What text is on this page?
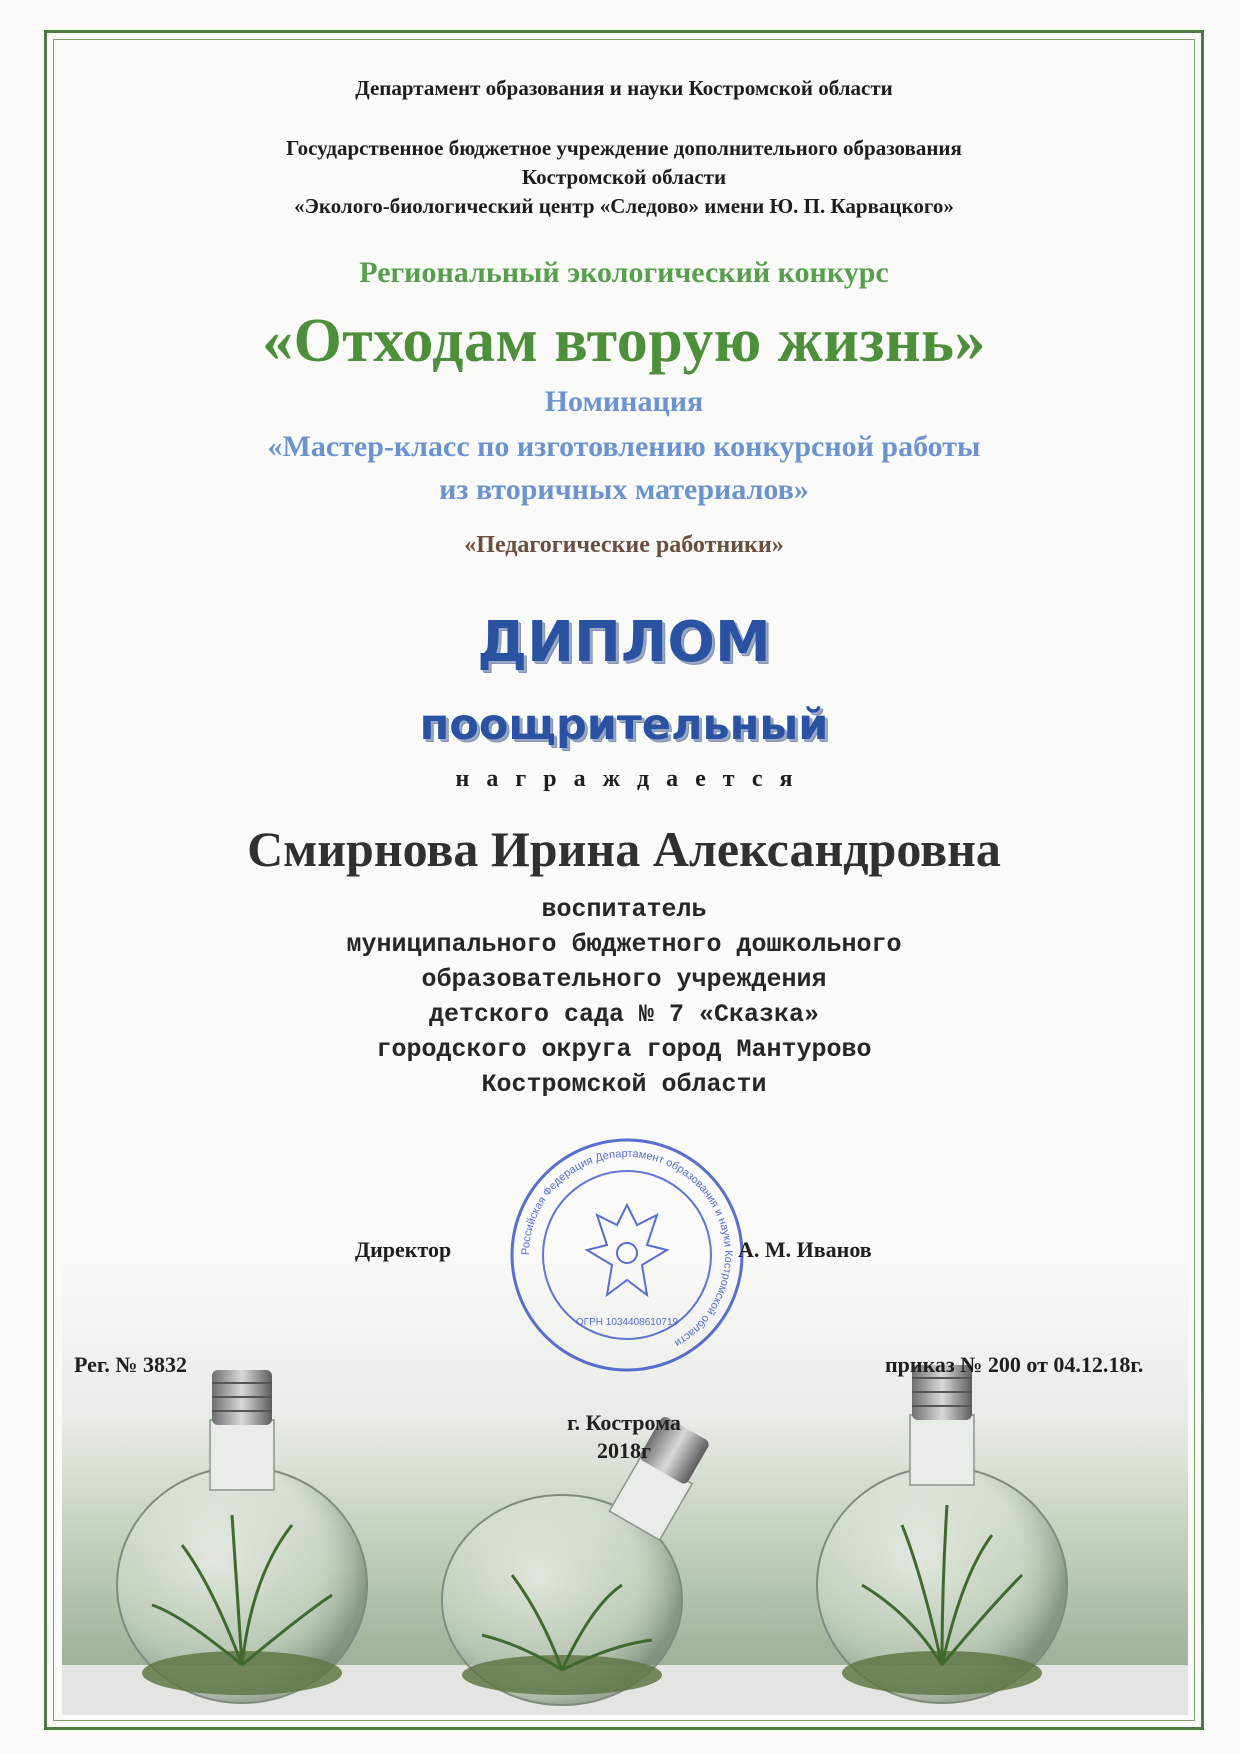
Департамент образования и науки Костромской области
Государственное бюджетное учреждение дополнительного образования
Костромской области
«Эколого-биологический центр «Следово» имени Ю. П. Карвацкого»
Региональный экологический конкурс
«Отходам вторую жизнь»
Номинация
«Мастер-класс по изготовлению конкурсной работы
из вторичных материалов»
«Педагогические работники»
ДИПЛОМ
поощрительный
награждается
Смирнова Ирина Александровна
воспитатель
муниципального бюджетного дошкольного
образовательного учреждения
детского сада № 7 «Сказка»
городского округа город Мантурово
Костромской области
Российская Федерация Департамент образования и науки Костромской области
ОГРН 1034408610719
Директор	А. М. Иванов
Рег. № 3832	приказ № 200 от 04.12.18г.
г. Кострома
2018г
